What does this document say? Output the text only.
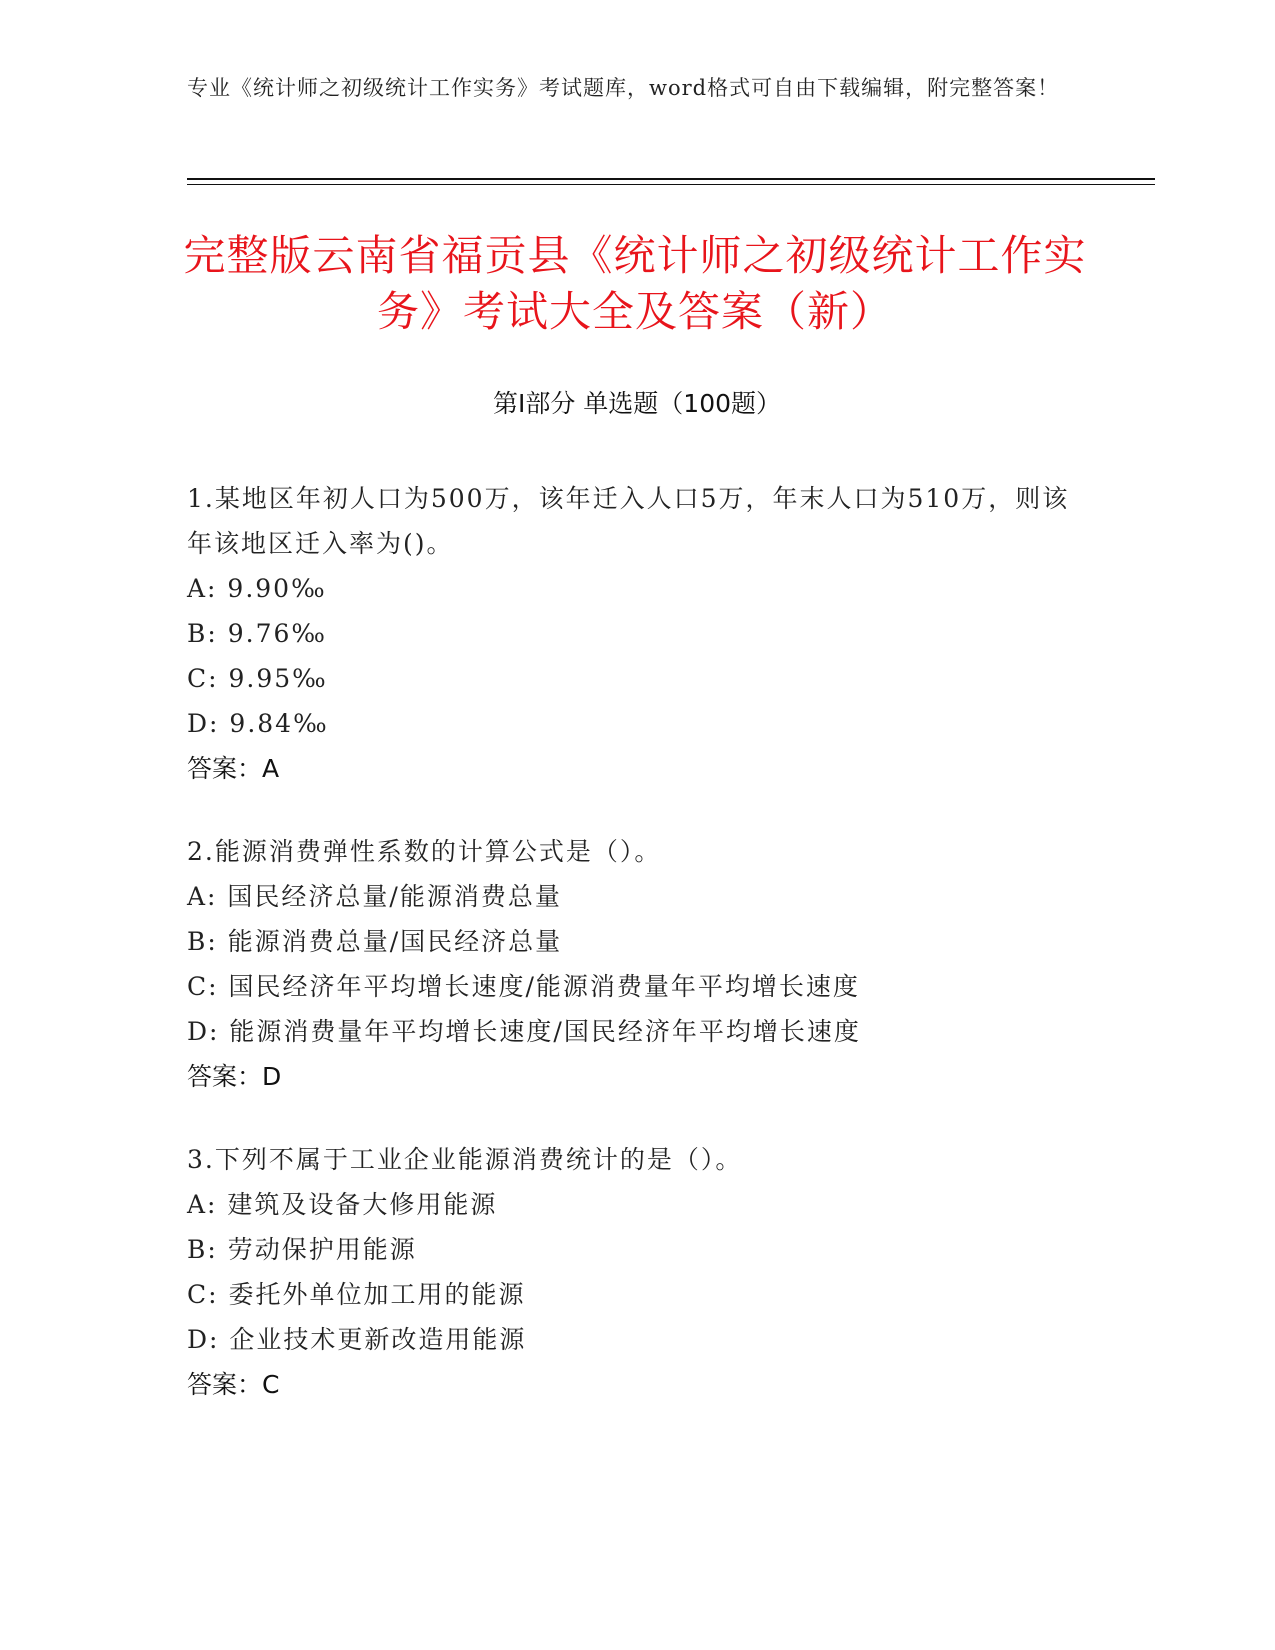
专业《统计师之初级统计工作实务》考试题库，word格式可自由下载编辑，附完整答案！
完整版云南省福贡县《统计师之初级统计工作实务》考试大全及答案（新）
第Ⅰ部分 单选题（100题）
1.某地区年初人口为500万，该年迁入人口5万，年末人口为510万，则该年该地区迁入率为()。
A: 9.90‰
B: 9.76‰
C: 9.95‰
D: 9.84‰
答案：A
2.能源消费弹性系数的计算公式是（）。
A: 国民经济总量/能源消费总量
B: 能源消费总量/国民经济总量
C: 国民经济年平均增长速度/能源消费量年平均增长速度
D: 能源消费量年平均增长速度/国民经济年平均增长速度
答案：D
3.下列不属于工业企业能源消费统计的是（）。
A: 建筑及设备大修用能源
B: 劳动保护用能源
C: 委托外单位加工用的能源
D: 企业技术更新改造用能源
答案：C
